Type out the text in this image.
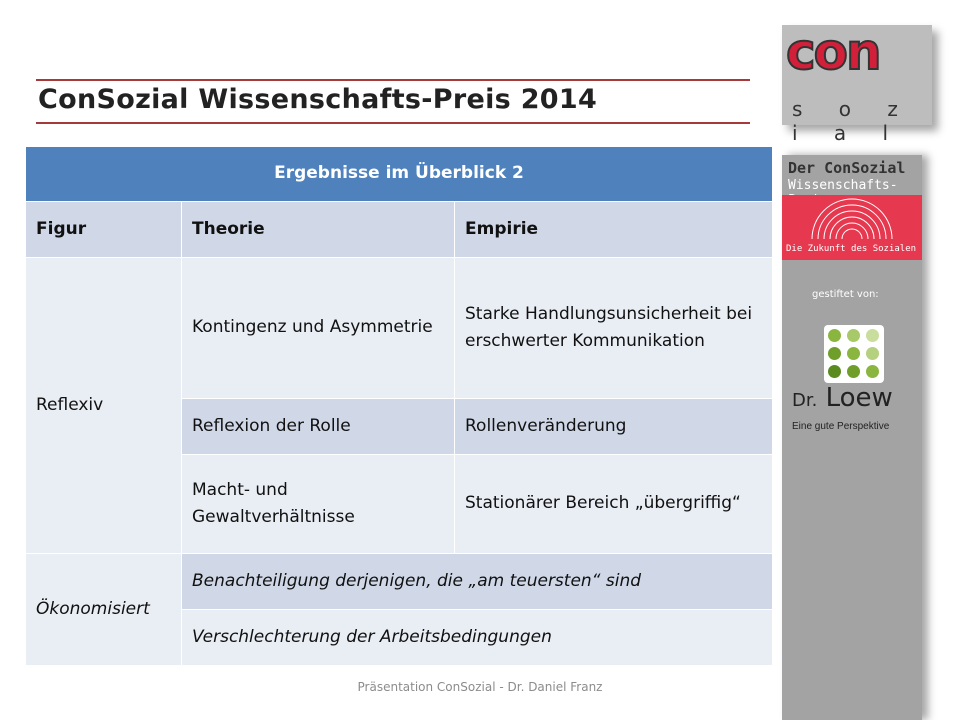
ConSozial Wissenschafts-Preis 2014
con
s o z i a l
Der ConSozial
Wissenschafts-
Die Zukunft des Sozialen
gestiftet von:
Dr. Loew
Eine gute Perspektive
Ergebnisse im Überblick 2		
Figur	Theorie	Empirie
Reflexiv	Kontingenz und Asymmetrie	Starke Handlungsunsicherheit bei erschwerter Kommunikation
	Reflexion der Rolle	Rollenveränderung
	Macht- und Gewaltverhältnisse	Stationärer Bereich „übergriffig“
Ökonomisiert	Benachteiligung derjenigen, die „am teuersten“ sind	
	Verschlechterung der Arbeitsbedingungen	
Präsentation ConSozial - Dr. Daniel Franz
